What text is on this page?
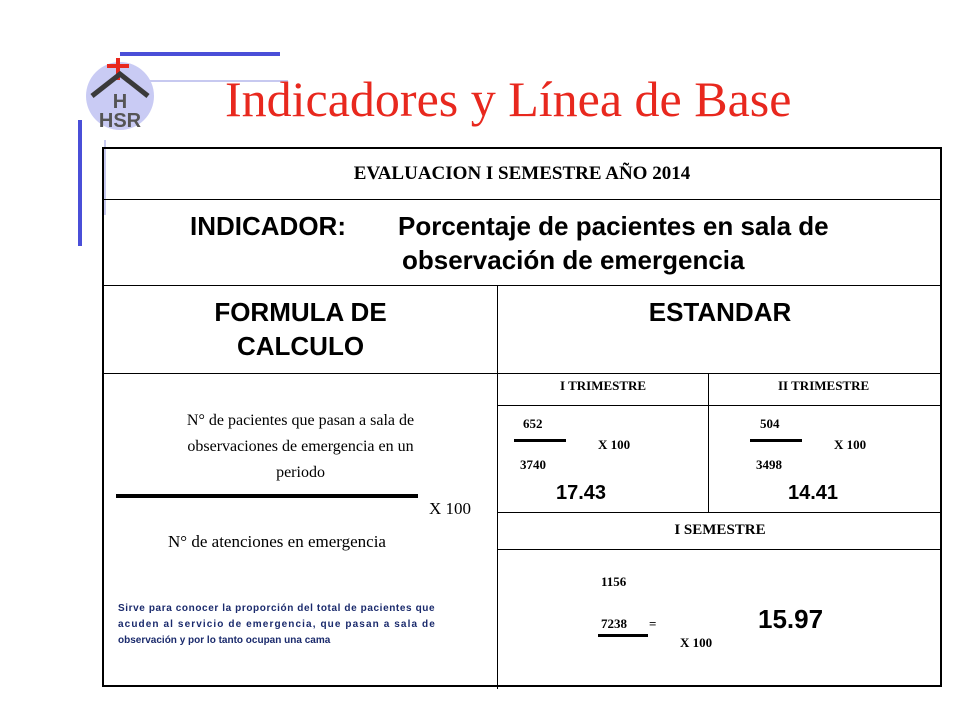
H
HSR Indicadores y Línea de Base
EVALUACION I SEMESTRE AÑO 2014
INDICADOR: Porcentaje de pacientes en sala de
observación de emergencia
FORMULA DE
CALCULO
ESTANDAR
N° de pacientes que pasan a sala de
observaciones de emergencia en un
periodo
X 100
N° de atenciones en emergencia
Sirve para conocer la proporción del total de pacientes que
acuden al servicio de emergencia, que pasan a sala de
observación y por lo tanto ocupan una cama
I TRIMESTRE	II TRIMESTRE
652
X 100
3740
17.43
504
X 100
3498
14.41
I SEMESTRE
1156
7238 =
X 100
15.97
